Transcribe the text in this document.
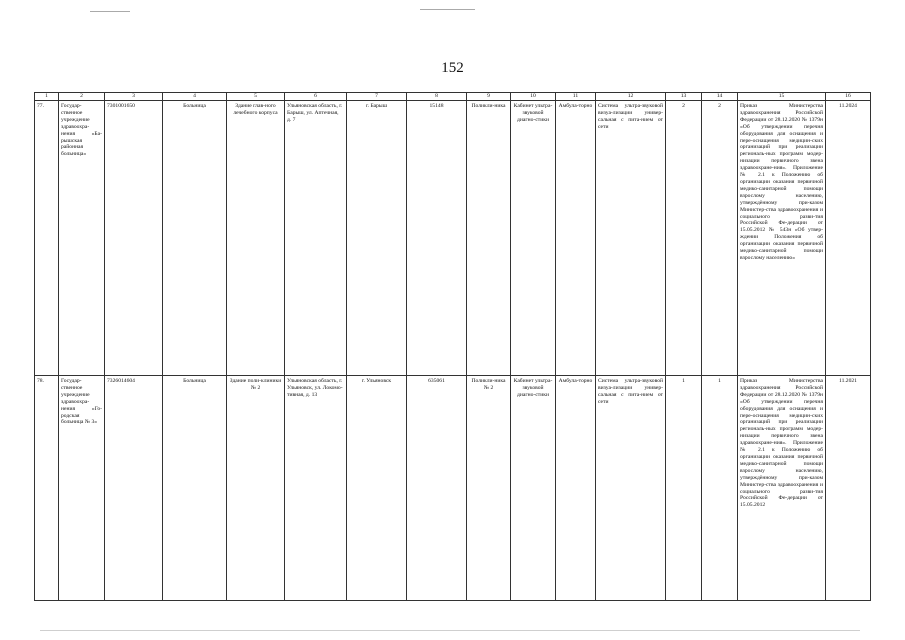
152
1	2	3	4	5	6	7	8	9	10	11	12	13	14	15	16
77.	Государ-ственное учреждение здравоохра-нения «Ба-рышская районная больница»	7301001650	Больница	Здание глав-ного лечебного корпуса	Ульяновская область, г. Барыш, ул. Аптечная, д. 7	г. Барыш	15148	Поликли-ника	Кабинет ультра-звуковой диагно-стики	Амбула-торно	Система ультра-звуковой визуа-лизации универ-сальная с пита-нием от сети	2	2	Приказ Министерства здравоохранения Российской Федерации от 28.12.2020 № 1379н «Об утверждении перечня оборудования для оснащения и пере-оснащения медицин-ских организаций при реализации региональ-ных программ модер-низации первичного звена здравоохране-ния». Приложение № 2.1 к Положению об организации оказания первичной медико-санитарной помощи взрослому населению, утверждённому при-казом Министер-ства здравоохранения и социального разви-тия Российской Фе-дерации от 15.05.2012 № 543н «Об утвер-ждении Положения об организации оказания первичной медико-санитарной помощи взрослому населению»	11.2024
78.	Государ-ственное учреждение здравоохра-нения «Го-родская больница № 3»	7326014604	Больница	Здание поли-клиники № 2	Ульяновская область, г. Ульяновск, ул. Локомо-тивная, д. 13	г. Ульяновск	635061	Поликли-ника № 2	Кабинет ультра-звуковой диагно-стики	Амбула-торно	Система ультра-звуковой визуа-лизации универ-сальная с пита-нием от сети	1	1	Приказ Министерства здравоохранения Российской Федерации от 28.12.2020 № 1379н «Об утверждении перечня оборудования для оснащения и пере-оснащения медицин-ских организаций при реализации региональ-ных программ модер-низации первичного звена здравоохране-ния». Приложение № 2.1 к Положению об организации оказания первичной медико-санитарной помощи взрослому населению, утверждённому при-казом Министер-ства здравоохранения и социального разви-тия Российской Фе-дерации от 15.05.2012	11.2021
